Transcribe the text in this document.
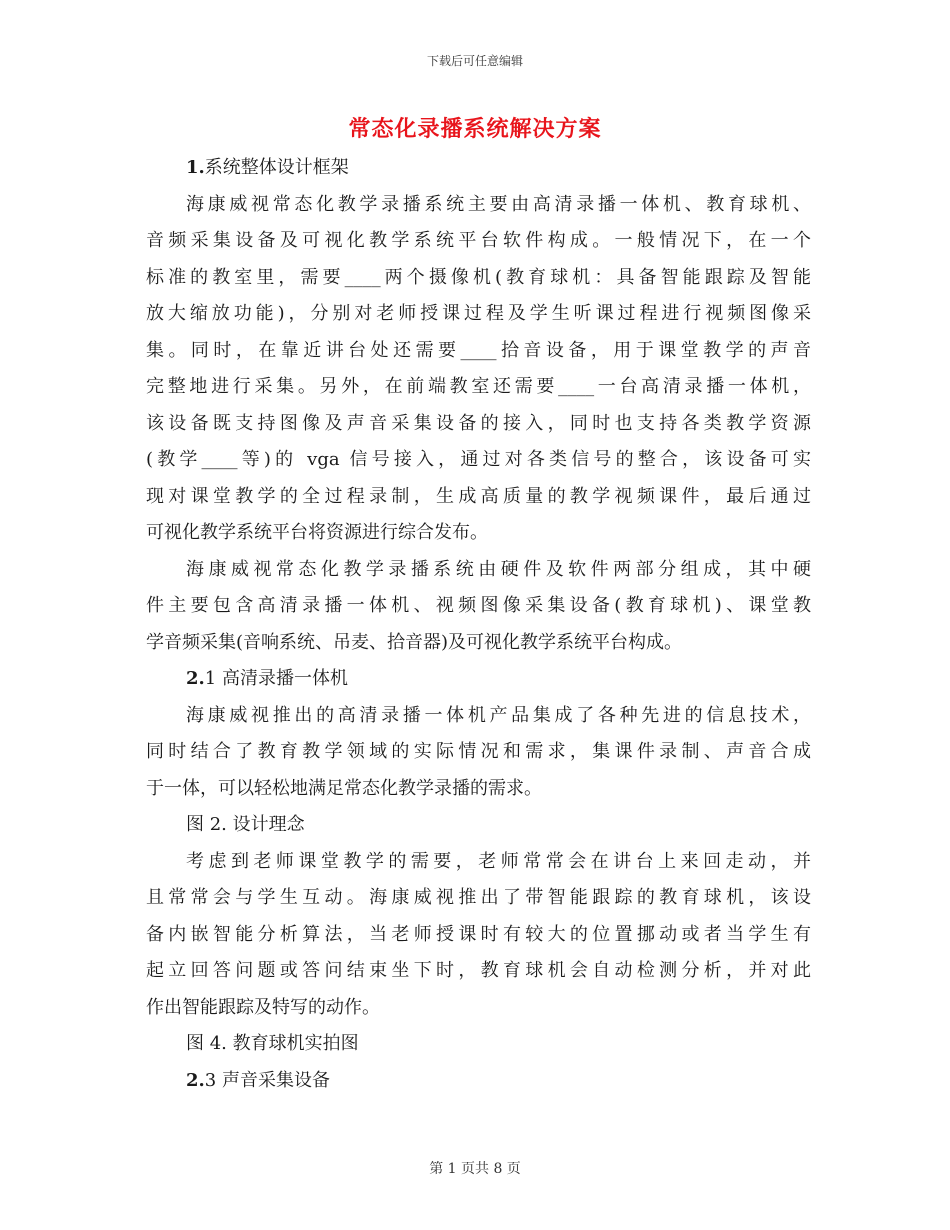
下载后可任意编辑
常态化录播系统解决方案
1.系统整体设计框架
海康威视常态化教学录播系统主要由高清录播一体机、教育球机、
音频采集设备及可视化教学系统平台软件构成。一般情况下，在一个
标准的教室里，需要____两个摄像机(教育球机：具备智能跟踪及智能
放大缩放功能)，分别对老师授课过程及学生听课过程进行视频图像采
集。同时，在靠近讲台处还需要____拾音设备，用于课堂教学的声音
完整地进行采集。另外，在前端教室还需要____一台高清录播一体机，
该设备既支持图像及声音采集设备的接入，同时也支持各类教学资源
(教学____等)的 vga 信号接入，通过对各类信号的整合，该设备可实
现对课堂教学的全过程录制，生成高质量的教学视频课件，最后通过
可视化教学系统平台将资源进行综合发布。
海康威视常态化教学录播系统由硬件及软件两部分组成，其中硬
件主要包含高清录播一体机、视频图像采集设备(教育球机)、课堂教
学音频采集(音响系统、吊麦、拾音器)及可视化教学系统平台构成。
2.1 高清录播一体机
海康威视推出的高清录播一体机产品集成了各种先进的信息技术，
同时结合了教育教学领域的实际情况和需求，集课件录制、声音合成
于一体，可以轻松地满足常态化教学录播的需求。
图 2. 设计理念
考虑到老师课堂教学的需要，老师常常会在讲台上来回走动，并
且常常会与学生互动。海康威视推出了带智能跟踪的教育球机，该设
备内嵌智能分析算法，当老师授课时有较大的位置挪动或者当学生有
起立回答问题或答问结束坐下时，教育球机会自动检测分析，并对此
作出智能跟踪及特写的动作。
图 4. 教育球机实拍图
2.3 声音采集设备
第 1 页共 8 页
